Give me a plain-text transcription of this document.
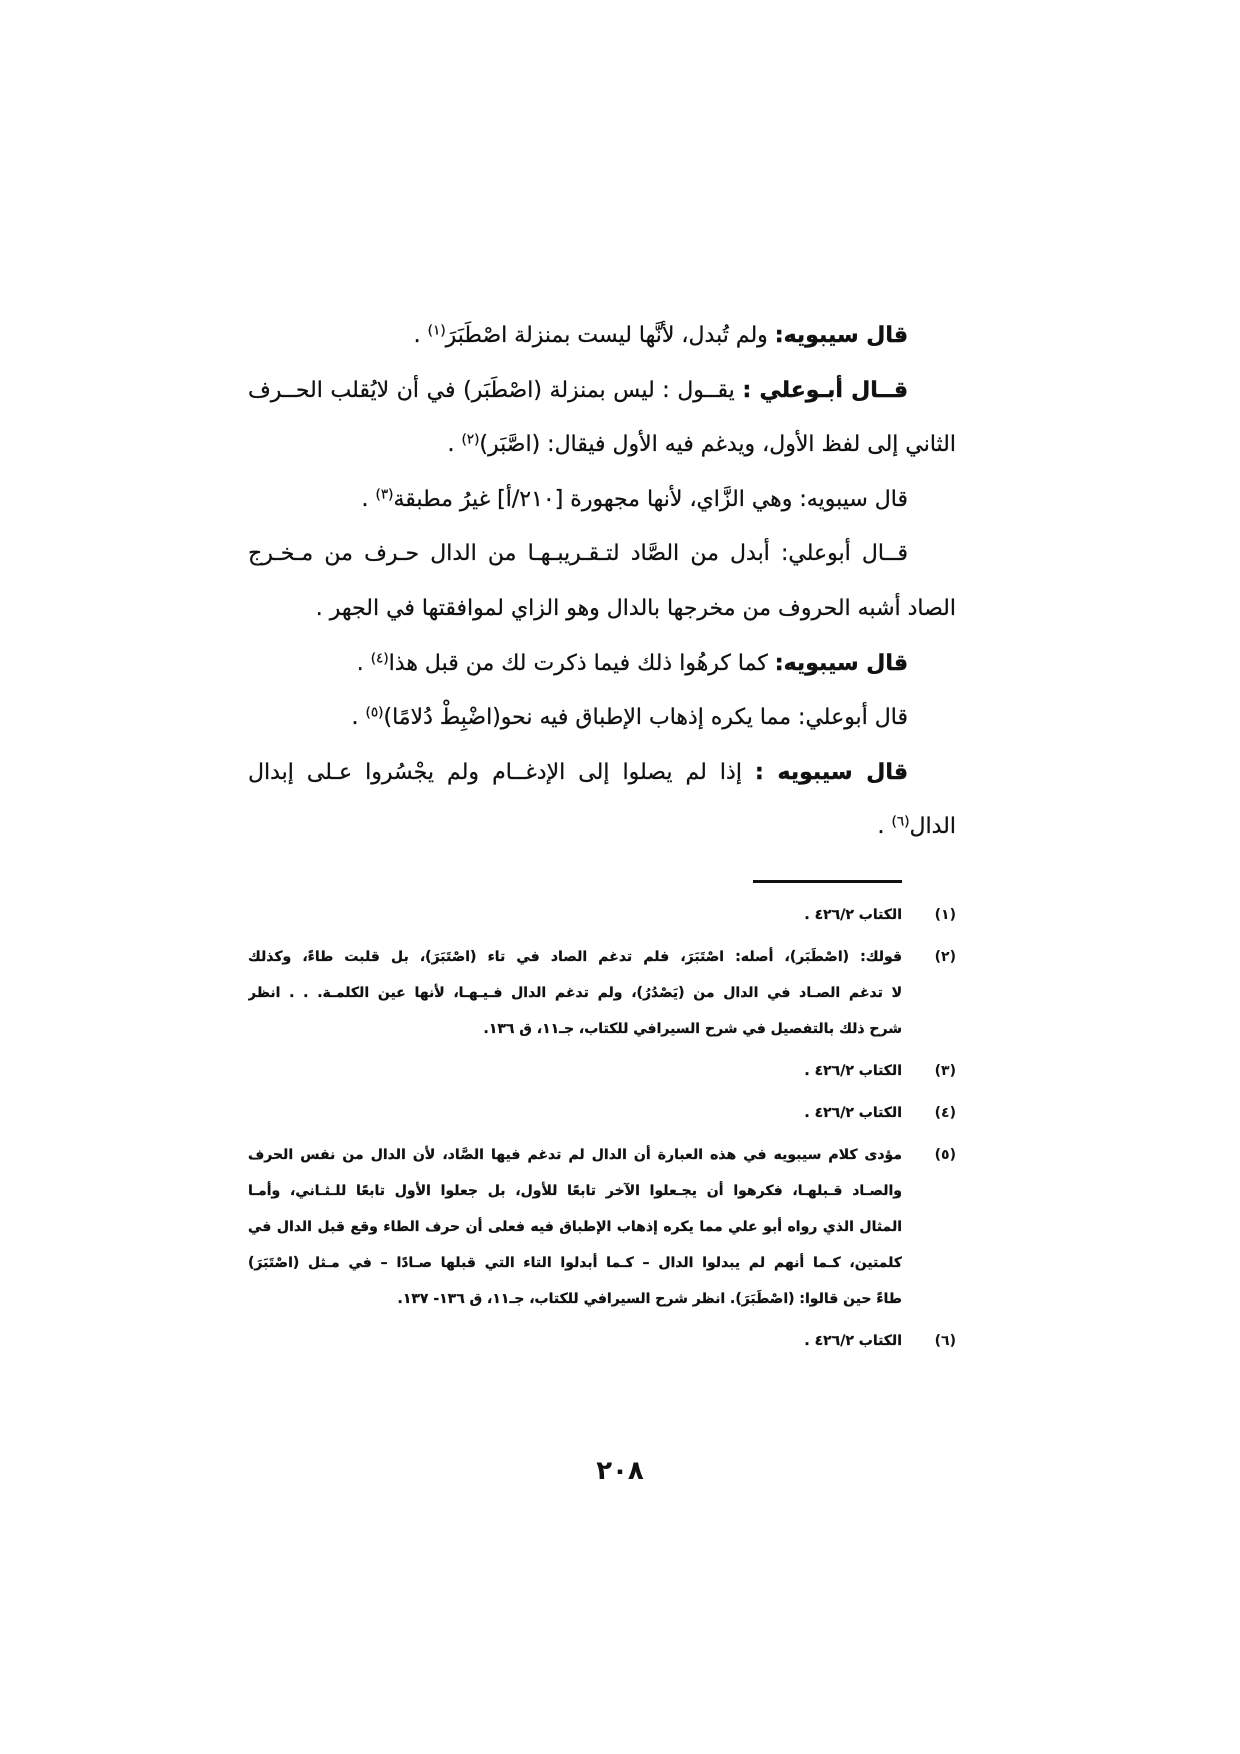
قال سيبويه: ولم تُبدل، لأنَّها ليست بمنزلة اصْطَبَرَ$^{(١)}$ .
قــال أبـوعلي : يقــول : ليس بمنزلة (اصْطَبَر) في أن لايُقلب الحــرف
الثاني إلى لفظ الأول، ويدغم فيه الأول فيقال: (اصَّبَر)$^{(٢)}$ .
قال سيبويه: وهي الزَّاي، لأنها مجهورة [٢١٠/أ] غيرُ مطبقة$^{(٣)}$ .
قــال أبوعلي: أبدل من الصَّاد لتـقـريبـهـا من الدال حـرف من مـخـرج
الصاد أشبه الحروف من مخرجها بالدال وهو الزاي لموافقتها في الجهر .
قال سيبويه: كما كرهُوا ذلك فيما ذكرت لك من قبل هذا$^{(٤)}$ .
قال أبوعلي: مما يكره إذهاب الإطباق فيه نحو(اضْبِطْ دُلامًا)$^{(٥)}$ .
قال سيبويه : إذا لم يصلوا إلى الإدغــام ولم يجْسُروا عـلى إبدال
الدال$^{(٦)}$ .
(١)
الكتاب ٤٢٦/٢ .
(٢)
قولك: (اصْطَبَر)، أصله: اصْتَبَرَ، فلم تدغم الصاد في تاء (اصْتَبَرَ)، بل قلبت طاءً، وكذلك
لا تدغم الصـاد في الدال من (يَصْدُرُ)، ولم تدغم الدال فـيـهـا، لأنها عين الكلمـة. . . انظر
شرح ذلك بالتفصيل في شرح السيرافي للكتاب، جـ١١، ق ١٣٦.
(٣)
الكتاب ٤٢٦/٢ .
(٤)
الكتاب ٤٢٦/٢ .
(٥)
مؤدى كلام سيبويه في هذه العبارة أن الدال لم تدغم فيها الصَّاد، لأن الدال من نفس الحرف
والصـاد قـبلهـا، فكرهوا أن يجـعلوا الآخر تابعًا للأول، بل جعلوا الأول تابعًا للـثـاني، وأمـا
المثال الذي رواه أبو علي مما يكره إذهاب الإطباق فيه فعلى أن حرف الطاء وقع قبل الدال في
كلمتين، كـما أنهم لم يبدلوا الدال – كـما أبدلوا التاء التي قبلها صـادًا – في مـثل (اصْتَبَرَ)
طاءً حين قالوا: (اصْطَبَرَ). انظر شرح السيرافي للكتاب، جـ١١، ق ١٣٦- ١٣٧.
(٦)
الكتاب ٤٢٦/٢ .
٢٠٨
